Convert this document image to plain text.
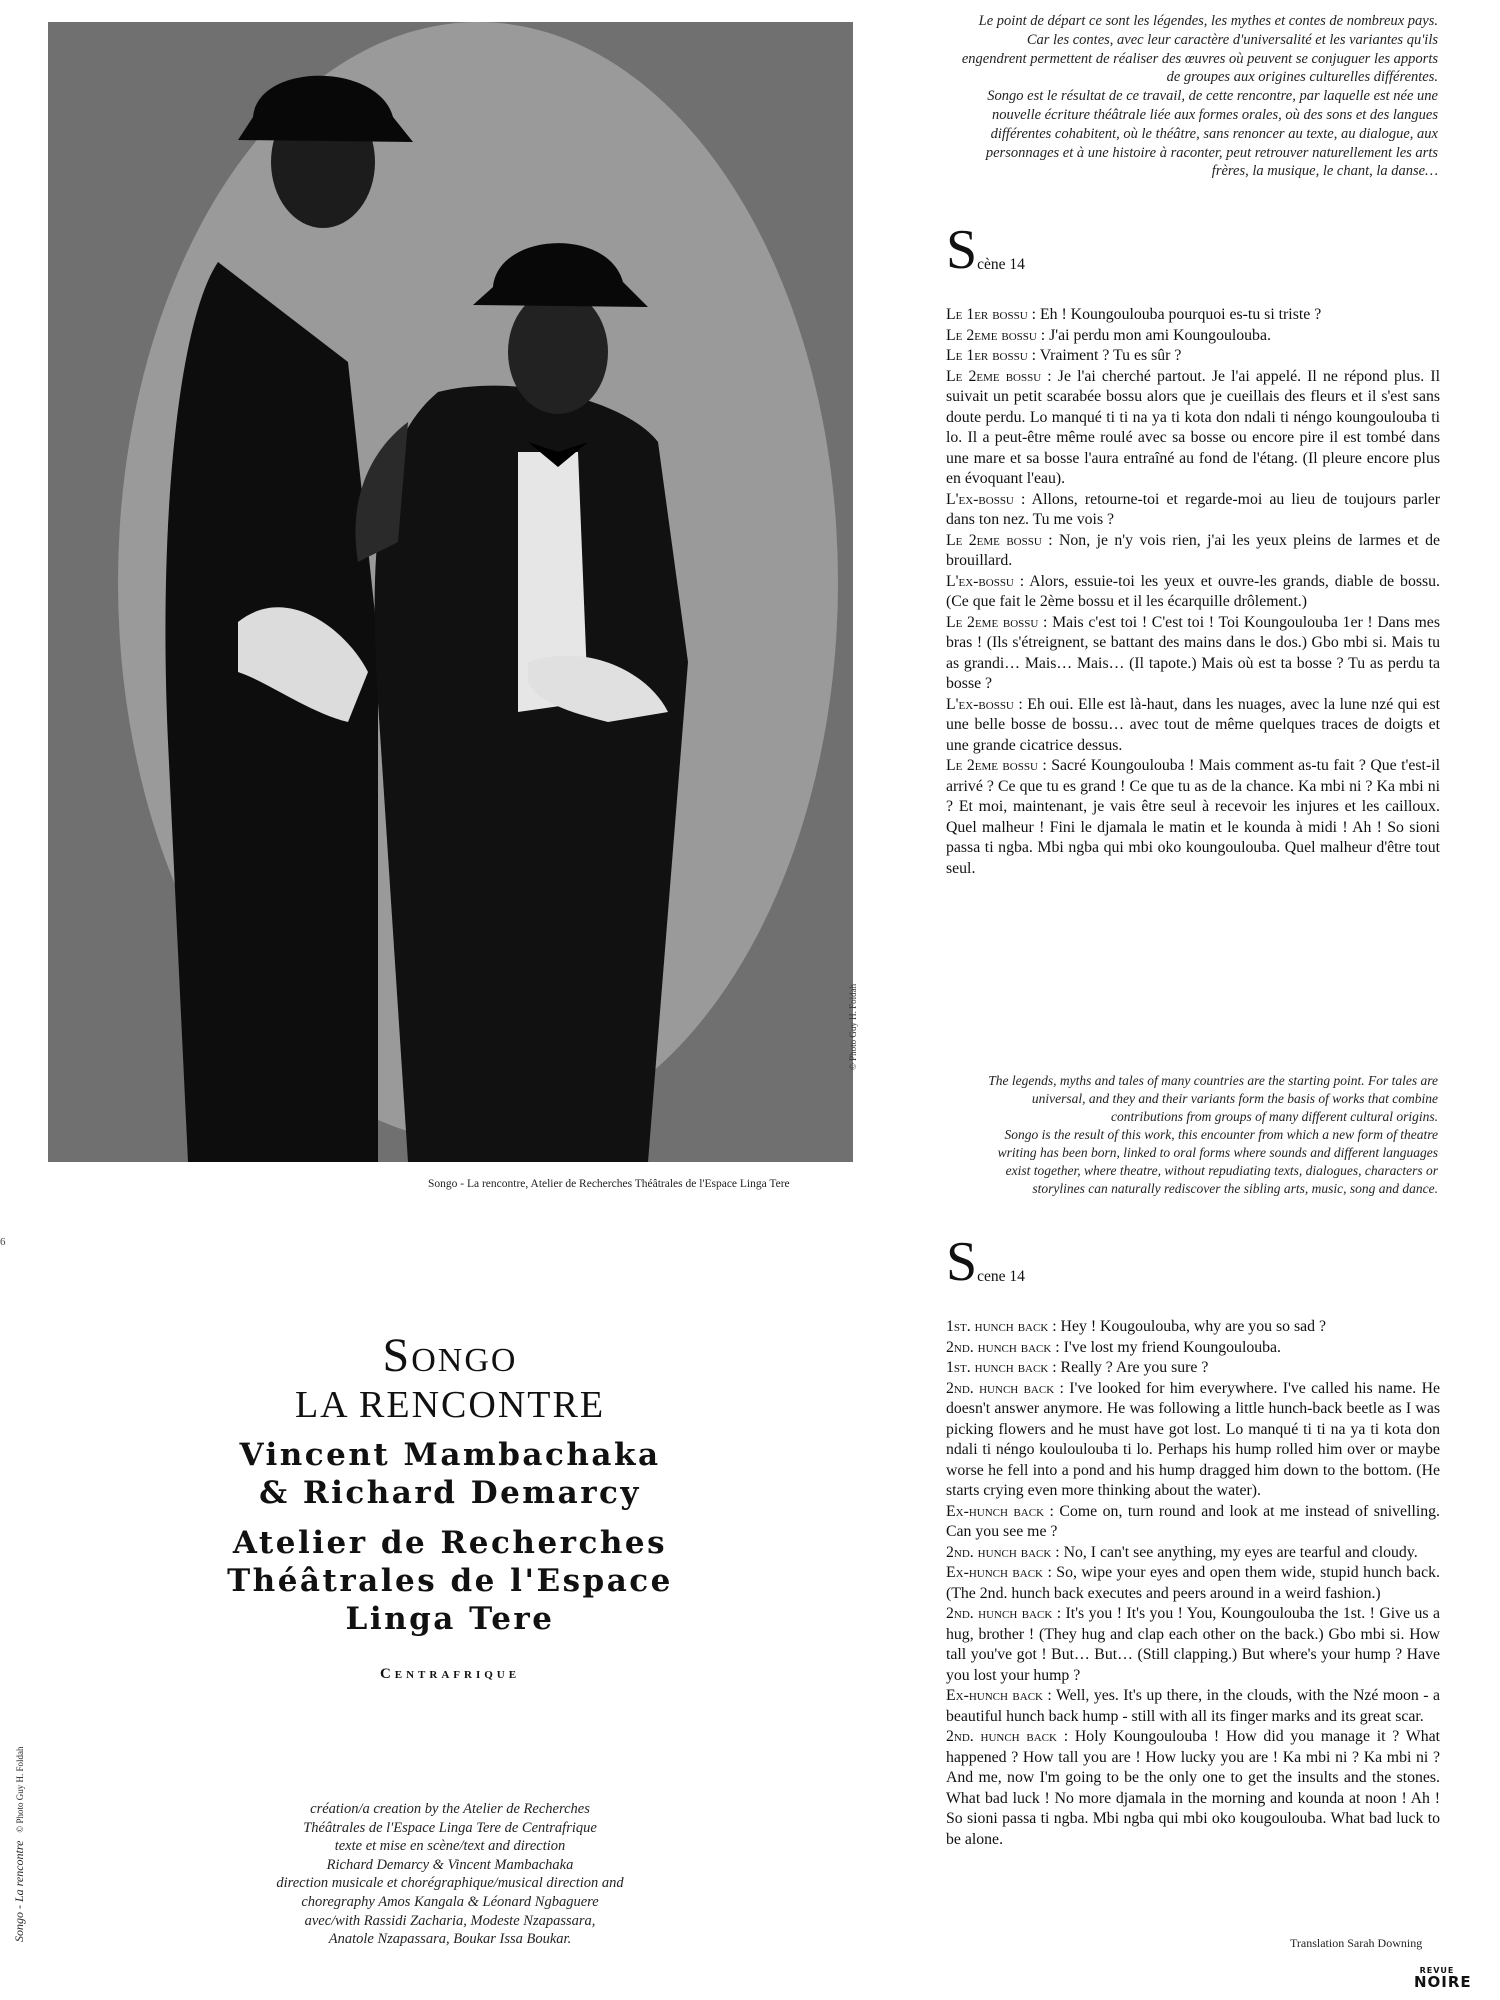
© Photo Guy H. Foldah
Songo - La rencontre, Atelier de Recherches Théâtrales de l'Espace Linga Tere
Le point de départ ce sont les légendes, les mythes et contes de nombreux pays. Car les contes, avec leur caractère d'universalité et les variantes qu'ils engendrent permettent de réaliser des œuvres où peuvent se conjuguer les apports de groupes aux origines culturelles différentes.
Songo est le résultat de ce travail, de cette rencontre, par laquelle est née une nouvelle écriture théâtrale liée aux formes orales, où des sons et des langues différentes cohabitent, où le théâtre, sans renoncer au texte, au dialogue, aux personnages et à une histoire à raconter, peut retrouver naturellement les arts frères, la musique, le chant, la danse…
Scène 14

Le 1er bossu : Eh ! Koungoulouba pourquoi es-tu si triste ?

Le 2eme bossu : J'ai perdu mon ami Koungoulouba.

Le 1er bossu : Vraiment ? Tu es sûr ?

Le 2eme bossu : Je l'ai cherché partout. Je l'ai appelé. Il ne répond plus. Il suivait un petit scarabée bossu alors que je cueillais des fleurs et il s'est sans doute perdu. Lo manqué ti ti na ya ti kota don ndali ti néngo koungoulouba ti lo. Il a peut-être même roulé avec sa bosse ou encore pire il est tombé dans une mare et sa bosse l'aura entraîné au fond de l'étang. (Il pleure encore plus en évoquant l'eau).

L'ex-bossu : Allons, retourne-toi et regarde-moi au lieu de toujours parler dans ton nez. Tu me vois ?

Le 2eme bossu : Non, je n'y vois rien, j'ai les yeux pleins de larmes et de brouillard.

L'ex-bossu : Alors, essuie-toi les yeux et ouvre-les grands, diable de bossu. (Ce que fait le 2ème bossu et il les écarquille drôlement.)

Le 2eme bossu : Mais c'est toi ! C'est toi ! Toi Koungoulouba 1er ! Dans mes bras ! (Ils s'étreignent, se battant des mains dans le dos.) Gbo mbi si. Mais tu as grandi… Mais… Mais… (Il tapote.) Mais où est ta bosse ? Tu as perdu ta bosse ?

L'ex-bossu : Eh oui. Elle est là-haut, dans les nuages, avec la lune nzé qui est une belle bosse de bossu… avec tout de même quelques traces de doigts et une grande cicatrice dessus.

Le 2eme bossu : Sacré Koungoulouba ! Mais comment as-tu fait ? Que t'est-il arrivé ? Ce que tu es grand ! Ce que tu as de la chance. Ka mbi ni ? Ka mbi ni ? Et moi, maintenant, je vais être seul à recevoir les injures et les cailloux. Quel malheur ! Fini le djamala le matin et le kounda à midi ! Ah ! So sioni passa ti ngba. Mbi ngba qui mbi oko koungoulouba. Quel malheur d'être tout seul.

The legends, myths and tales of many countries are the starting point. For tales are universal, and they and their variants form the basis of works that combine contributions from groups of many different cultural origins.
Songo is the result of this work, this encounter from which a new form of theatre writing has been born, linked to oral forms where sounds and different languages exist together, where theatre, without repudiating texts, dialogues, characters or storylines can naturally rediscover the sibling arts, music, song and dance.
Scene 14

1st. hunch back : Hey ! Kougoulouba, why are you so sad ?

2nd. hunch back : I've lost my friend Koungoulouba.

1st. hunch back : Really ? Are you sure ?

2nd. hunch back : I've looked for him everywhere. I've called his name. He doesn't answer anymore. He was following a little hunch-back beetle as I was picking flowers and he must have got lost. Lo manqué ti ti na ya ti kota don ndali ti néngo koulouloubа ti lo. Perhaps his hump rolled him over or maybe worse he fell into a pond and his hump dragged him down to the bottom. (He starts crying even more thinking about the water).

Ex-hunch back : Come on, turn round and look at me instead of snivelling. Can you see me ?

2nd. hunch back : No, I can't see anything, my eyes are tearful and cloudy.

Ex-hunch back : So, wipe your eyes and open them wide, stupid hunch back. (The 2nd. hunch back executes and peers around in a weird fashion.)

2nd. hunch back : It's you ! It's you ! You, Koungoulouba the 1st. ! Give us a hug, brother ! (They hug and clap each other on the back.) Gbo mbi si. How tall you've got ! But… But… (Still clapping.) But where's your hump ? Have you lost your hump ?

Ex-hunch back : Well, yes. It's up there, in the clouds, with the Nzé moon - a beautiful hunch back hump - still with all its finger marks and its great scar.

2nd. hunch back : Holy Koungoulouba ! How did you manage it ? What happened ? How tall you are ! How lucky you are ! Ka mbi ni ? Ka mbi ni ? And me, now I'm going to be the only one to get the insults and the stones. What bad luck ! No more djamala in the morning and kounda at noon ! Ah ! So sioni passa ti ngba. Mbi ngba qui mbi oko kougoulouba. What bad luck to be alone.

Translation Sarah Downing
Songo
LA RENCONTRE
Vincent Mambachaka
& Richard Demarcy
Atelier de Recherches
Théâtrales de l'Espace
Linga Tere
Centrafrique
création/a creation by the Atelier de Recherches
Théâtrales de l'Espace Linga Tere de Centrafrique
texte et mise en scène/text and direction
Richard Demarcy & Vincent Mambachaka
direction musicale et chorégraphique/musical direction and
choregraphy Amos Kangala & Léonard Ngbaguere
avec/with Rassidi Zacharia, Modeste Nzapassara,
Anatole Nzapassara, Boukar Issa Boukar.
Songo - La rencontre© Photo Guy H. Foldah
6
REVUE
NOIRE
